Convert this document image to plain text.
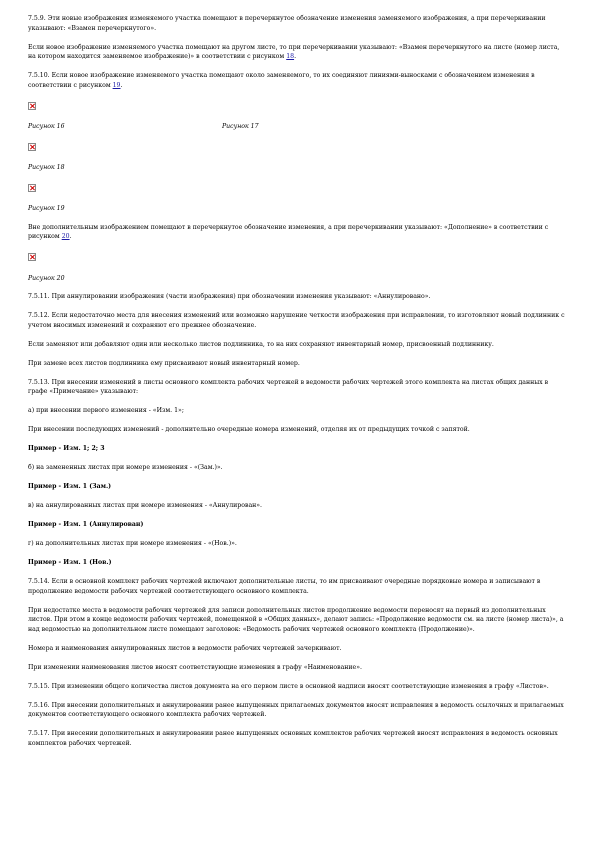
7.5.9. Эти новые изображения изменяемого участка помещают в перечеркнутое обозначение изменения заменяемого изображения, а при перечеркивании указывают: «Взамен перечеркнутого».

Если новое изображение изменяемого участка помещают на другом листе, то при перечеркивании указывают: «Взамен перечеркнутого на листе (номер листа, на котором находится заменяемое изображение)» в соответствии с рисунком 18.

7.5.10. Если новое изображение изменяемого участка помещают около заменяемого, то их соединяют линиями-выносками с обозначением изменения в соответствии с рисунком 19.

Рисунок 16	Рисунок 17
Рисунок 18
Рисунок 19

Вне дополнительным изображением помещают в перечеркнутое обозначение изменения, а при перечеркивании указывают: «Дополнение» в соответствии с рисунком 20.

Рисунок 20

7.5.11. При аннулировании изображения (части изображения) при обозначении изменения указывают: «Аннулировано».

7.5.12. Если недостаточно места для внесения изменений или возможно нарушение четкости изображения при исправлении, то изготовляют новый подлинник с учетом вносимых изменений и сохраняют его прежнее обозначение.

Если заменяют или добавляют один или несколько листов подлинника, то на них сохраняют инвентарный номер, присвоенный подлиннику.

При замене всех листов подлинника ему присваивают новый инвентарный номер.

7.5.13. При внесении изменений в листы основного комплекта рабочих чертежей в ведомости рабочих чертежей этого комплекта на листах общих данных в графе «Примечание» указывают:

а) при внесении первого изменения - «Изм. 1»;

При внесении последующих изменений - дополнительно очередные номера изменений, отделяя их от предыдущих точкой с запятой.

Пример - Изм. 1; 2; 3

б) на замененных листах при номере изменения - «(Зам.)».

Пример - Изм. 1 (Зам.)

в) на аннулированных листах при номере изменения - «Аннулирован».

Пример - Изм. 1 (Аннулирован)

г) на дополнительных листах при номере изменения - «(Нов.)».

Пример - Изм. 1 (Нов.)

7.5.14. Если в основной комплект рабочих чертежей включают дополнительные листы, то им присваивают очередные порядковые номера и записывают в продолжение ведомости рабочих чертежей соответствующего основного комплекта.

При недостатке места в ведомости рабочих чертежей для записи дополнительных листов продолжение ведомости переносят на первый из дополнительных листов. При этом в конце ведомости рабочих чертежей, помещенной в «Общих данных», делают запись: «Продолжение ведомости см. на листе (номер листа)», а над ведомостью на дополнительном листе помещают заголовок: «Ведомость рабочих чертежей основного комплекта (Продолжение)».

Номера и наименования аннулированных листов в ведомости рабочих чертежей зачеркивают.

При изменении наименования листов вносят соответствующие изменения в графу «Наименование».

7.5.15. При изменении общего количества листов документа на его первом листе в основной надписи вносят соответствующие изменения в графу «Листов».

7.5.16. При внесении дополнительных и аннулировании ранее выпущенных прилагаемых документов вносят исправления в ведомость ссылочных и прилагаемых документов соответствующего основного комплекта рабочих чертежей.

7.5.17. При внесении дополнительных и аннулировании ранее выпущенных основных комплектов рабочих чертежей вносят исправления в ведомость основных комплектов рабочих чертежей.
